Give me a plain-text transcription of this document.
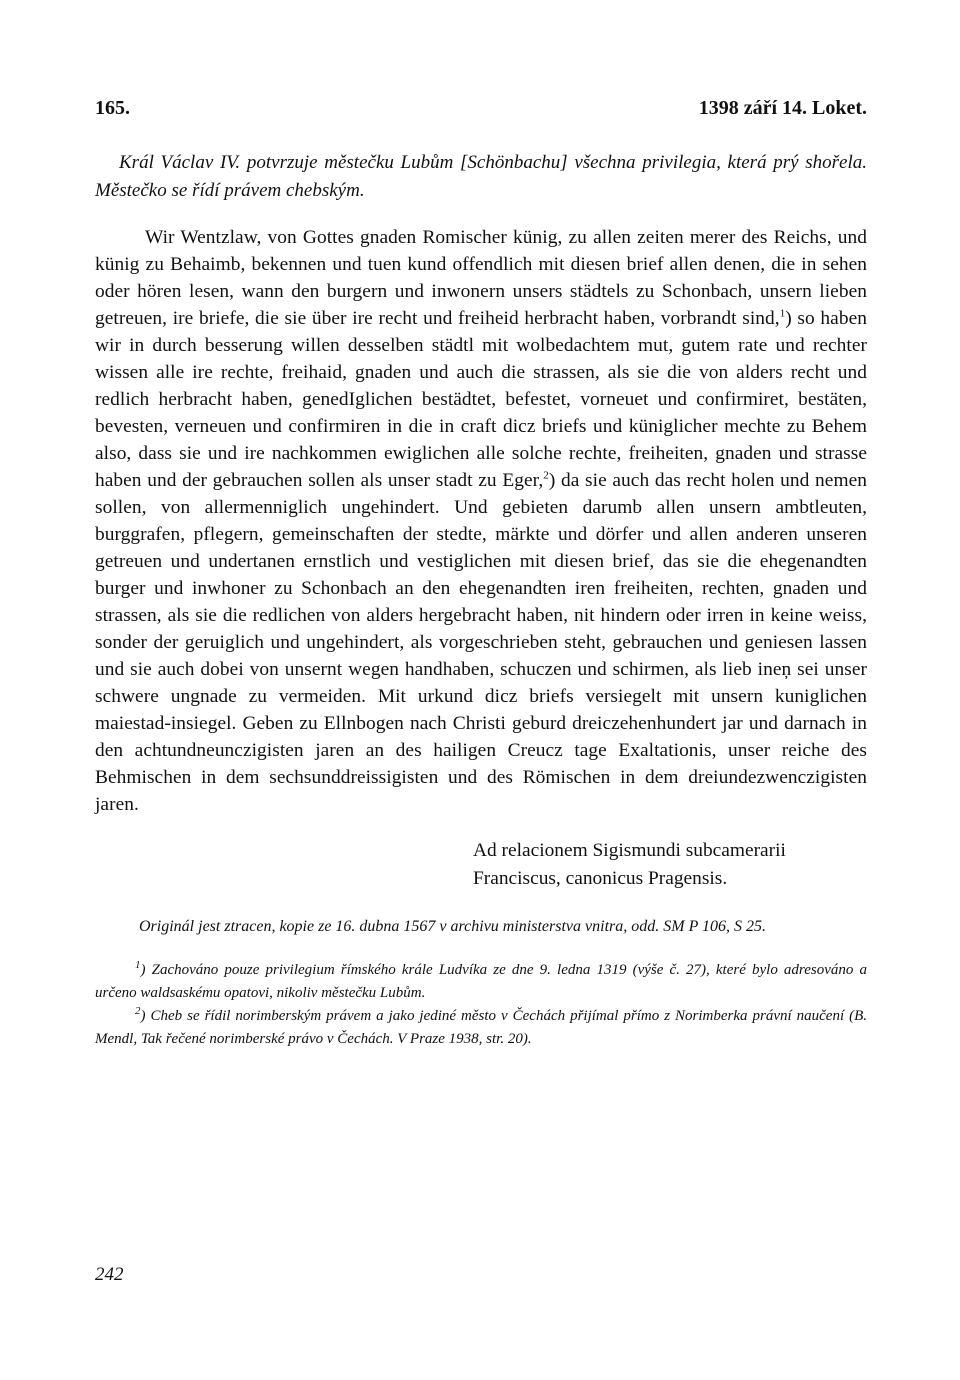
165.	1398 září 14. Loket.

Král Václav IV. potvrzuje městečku Lubům [Schönbachu] všechna privilegia, která prý shořela. Městečko se řídí právem chebským.

Wir Wentzlaw, von Gottes gnaden Romischer künig, zu allen zeiten merer des Reichs, und künig zu Behaimb, bekennen und tuen kund offendlich mit diesen brief allen denen, die in sehen oder hören lesen, wann den burgern und inwonern unsers städtels zu Schonbach, unsern lieben getreuen, ire briefe, die sie über ire recht und freiheid herbracht haben, vorbrandt sind,$^1$) so haben wir in durch besserung willen desselben städtl mit wolbedachtem mut, gutem rate und rechter wissen alle ire rechte, freihaid, gnaden und auch die strassen, als sie die von alders recht und redlich herbracht haben, genedIglichen bestädtet, befestet, vorneuet und confirmiret, bestäten, bevesten, verneuen und confirmiren in die in craft dicz briefs und küniglicher mechte zu Behem also, dass sie und ire nachkommen ewiglichen alle solche rechte, freiheiten, gnaden und strasse haben und der gebrauchen sollen als unser stadt zu Eger,$^2$) da sie auch das recht holen und nemen sollen, von allermenniglich ungehindert. Und gebieten darumb allen unsern ambtleuten, burggrafen, pflegern, gemeinschaften der stedte, märkte und dörfer und allen anderen unseren getreuen und undertanen ernstlich und vestiglichen mit diesen brief, das sie die ehegenandten burger und inwhoner zu Schonbach an den ehegenandten iren freiheiten, rechten, gnaden und strassen, als sie die redlichen von alders hergebracht haben, nit hindern oder irren in keine weiss, sonder der geruiglich und ungehindert, als vorgeschrieben steht, gebrauchen und geniesen lassen und sie auch dobei von unsernt wegen handhaben, schuczen und schirmen, als lieb ineņ sei unser schwere ungnade zu vermeiden. Mit urkund dicz briefs versiegelt mit unsern kuniglichen maiestad-insiegel. Geben zu Ellnbogen nach Christi geburd dreiczehenhundert jar und darnach in den achtundneunczigisten jaren an des hailigen Creucz tage Exaltationis, unser reiche des Behmischen in dem sechsunddreissigisten und des Römischen in dem dreiundezwenczigisten jaren.

Ad relacionem Sigismundi subcamerarii
Franciscus, canonicus Pragensis.

Originál jest ztracen, kopie ze 16. dubna 1567 v archivu ministerstva vnitra, odd. SM P 106, S 25.

$^1$) Zachováno pouze privilegium římského krále Ludvíka ze dne 9. ledna 1319 (výše č. 27), které bylo adresováno a určeno waldsaskému opatovi, nikoliv městečku Lubům.

$^2$) Cheb se řídil norimberským právem a jako jediné město v Čechách přijímal přímo z Norimberka právní naučení (B. Mendl, Tak řečené norimberské právo v Čechách. V Praze 1938, str. 20).

242
